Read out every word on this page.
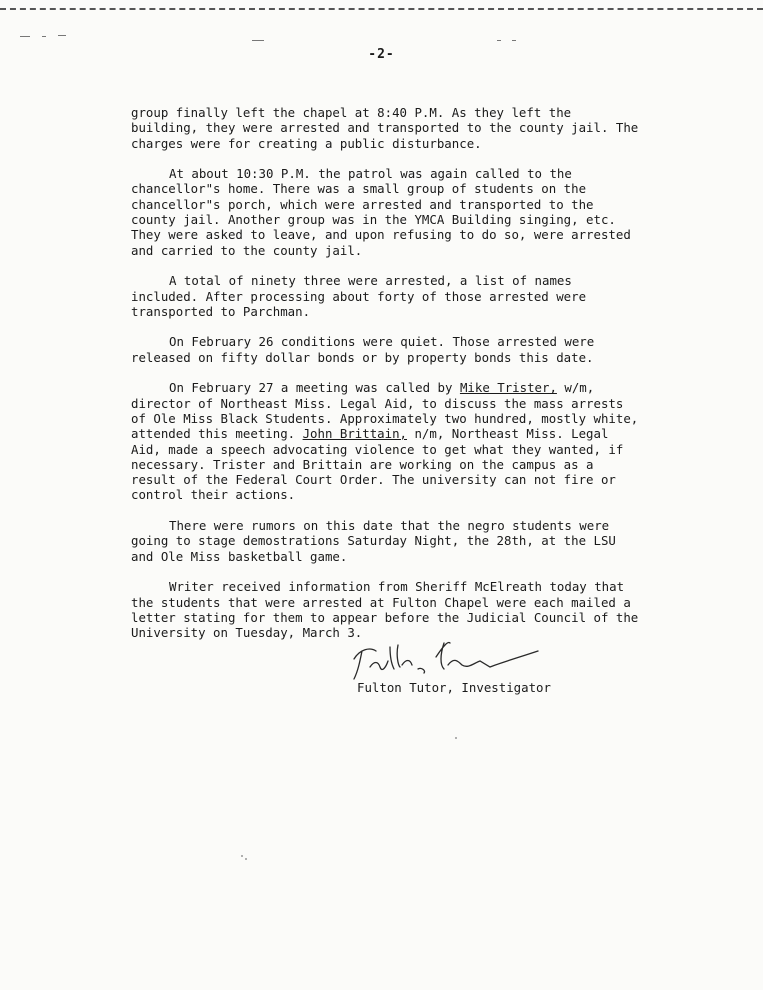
-2-

group finally left the chapel at 8:40 P.M. As they left the building, they were arrested and transported to the county jail. The charges were for creating a public disturbance.

At about 10:30 P.M. the patrol was again called to the chancellor"s home. There was a small group of students on the chancellor"s porch, which were arrested and transported to the county jail. Another group was in the YMCA Building singing, etc. They were asked to leave, and upon refusing to do so, were arrested and carried to the county jail.

A total of ninety three were arrested, a list of names included. After processing about forty of those arrested were transported to Parchman.

On February 26 conditions were quiet. Those arrested were released on fifty dollar bonds or by property bonds this date.

On February 27 a meeting was called by Mike Trister, w/m, director of Northeast Miss. Legal Aid, to discuss the mass arrests of Ole Miss Black Students. Approximately two hundred, mostly white, attended this meeting. John Brittain, n/m, Northeast Miss. Legal Aid, made a speech advocating violence to get what they wanted, if necessary. Trister and Brittain are working on the campus as a result of the Federal Court Order. The university can not fire or control their actions.

There were rumors on this date that the negro students were going to stage demostrations Saturday Night, the 28th, at the LSU and Ole Miss basketball game.

Writer received information from Sheriff McElreath today that the students that were arrested at Fulton Chapel were each mailed a letter stating for them to appear before the Judicial Council of the University on Tuesday, March 3.

Fulton Tutor, Investigator
